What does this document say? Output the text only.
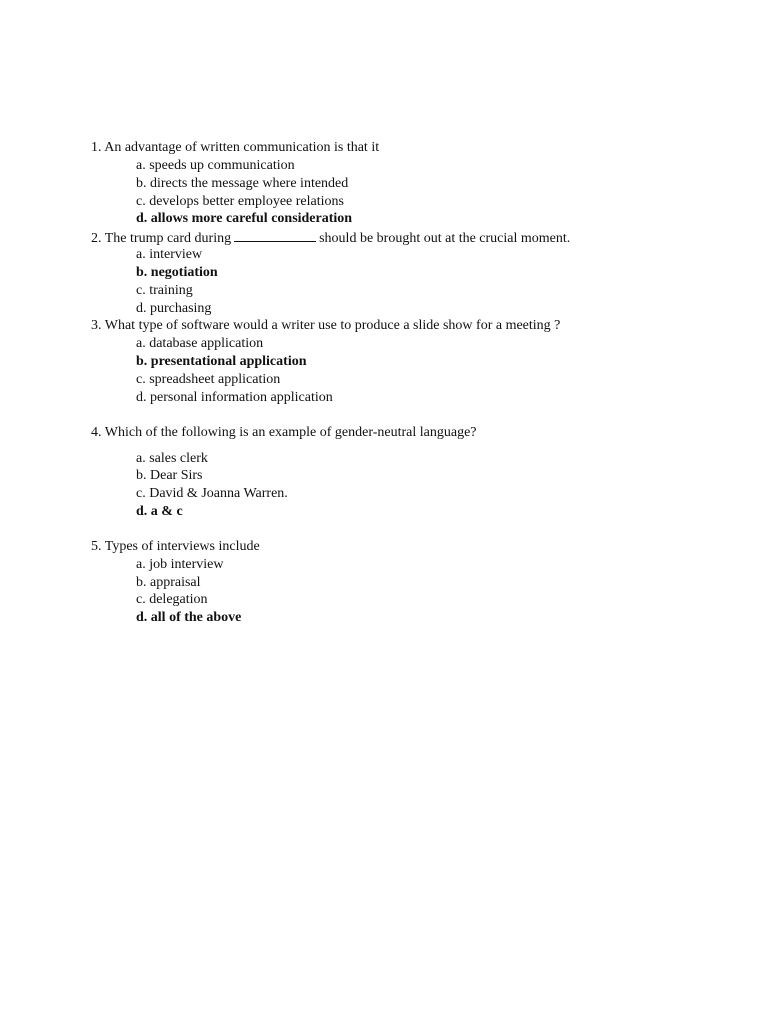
1. An advantage of written communication is that it
a. speeds up communication
b. directs the message where intended
c. develops better employee relations
d. allows more careful consideration
2. The trump card during	should be brought out at the crucial moment.
a. interview
b. negotiation
c. training
d. purchasing
3. What type of software would a writer use to produce a slide show for a meeting ?
a. database application
b. presentational application
c. spreadsheet application
d. personal information application
4. Which of the following is an example of gender-neutral language?
a. sales clerk
b. Dear Sirs
c. David & Joanna Warren.
d. a & c
5. Types of interviews include
a. job interview
b. appraisal
c. delegation
d. all of the above
